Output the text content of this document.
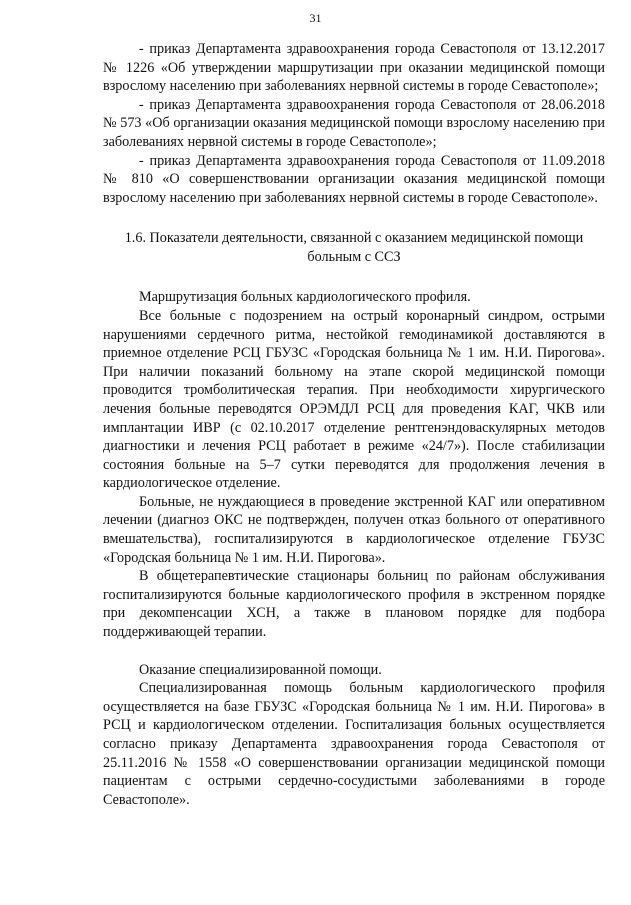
31

- приказ Департамента здравоохранения города Севастополя от 13.12.2017 № 1226 «Об утверждении маршрутизации при оказании медицинской помощи взрослому населению при заболеваниях нервной системы в городе Севастополе»;

- приказ Департамента здравоохранения города Севастополя от 28.06.2018 № 573 «Об организации оказания медицинской помощи взрослому населению при заболеваниях нервной системы в городе Севастополе»;

- приказ Департамента здравоохранения города Севастополя от 11.09.2018 № 810 «О совершенствовании организации оказания медицинской помощи взрослому населению при заболеваниях нервной системы в городе Севастополе».

1.6. Показатели деятельности, связанной с оказанием медицинской помощи больным с ССЗ

Маршрутизация больных кардиологического профиля.

Все больные с подозрением на острый коронарный синдром, острыми нарушениями сердечного ритма, нестойкой гемодинамикой доставляются в приемное отделение РСЦ ГБУЗС «Городская больница № 1 им. Н.И. Пирогова». При наличии показаний больному на этапе скорой медицинской помощи проводится тромболитическая терапия. При необходимости хирургического лечения больные переводятся ОРЭМДЛ РСЦ для проведения КАГ, ЧКВ или имплантации ИВР (с 02.10.2017 отделение рентгенэндоваскулярных методов диагностики и лечения РСЦ работает в режиме «24/7»). После стабилизации состояния больные на 5–7 сутки переводятся для продолжения лечения в кардиологическое отделение.

Больные, не нуждающиеся в проведение экстренной КАГ или оперативном лечении (диагноз ОКС не подтвержден, получен отказ больного от оперативного вмешательства), госпитализируются в кардиологическое отделение ГБУЗС «Городская больница № 1 им. Н.И. Пирогова».

В общетерапевтические стационары больниц по районам обслуживания госпитализируются больные кардиологического профиля в экстренном порядке при декомпенсации ХСН, а также в плановом порядке для подбора поддерживающей терапии.

Оказание специализированной помощи.

Специализированная помощь больным кардиологического профиля осуществляется на базе ГБУЗС «Городская больница № 1 им. Н.И. Пирогова» в РСЦ и кардиологическом отделении. Госпитализация больных осуществляется согласно приказу Департамента здравоохранения города Севастополя от 25.11.2016 № 1558 «О совершенствовании организации медицинской помощи пациентам с острыми сердечно-сосудистыми заболеваниями в городе Севастополе».
